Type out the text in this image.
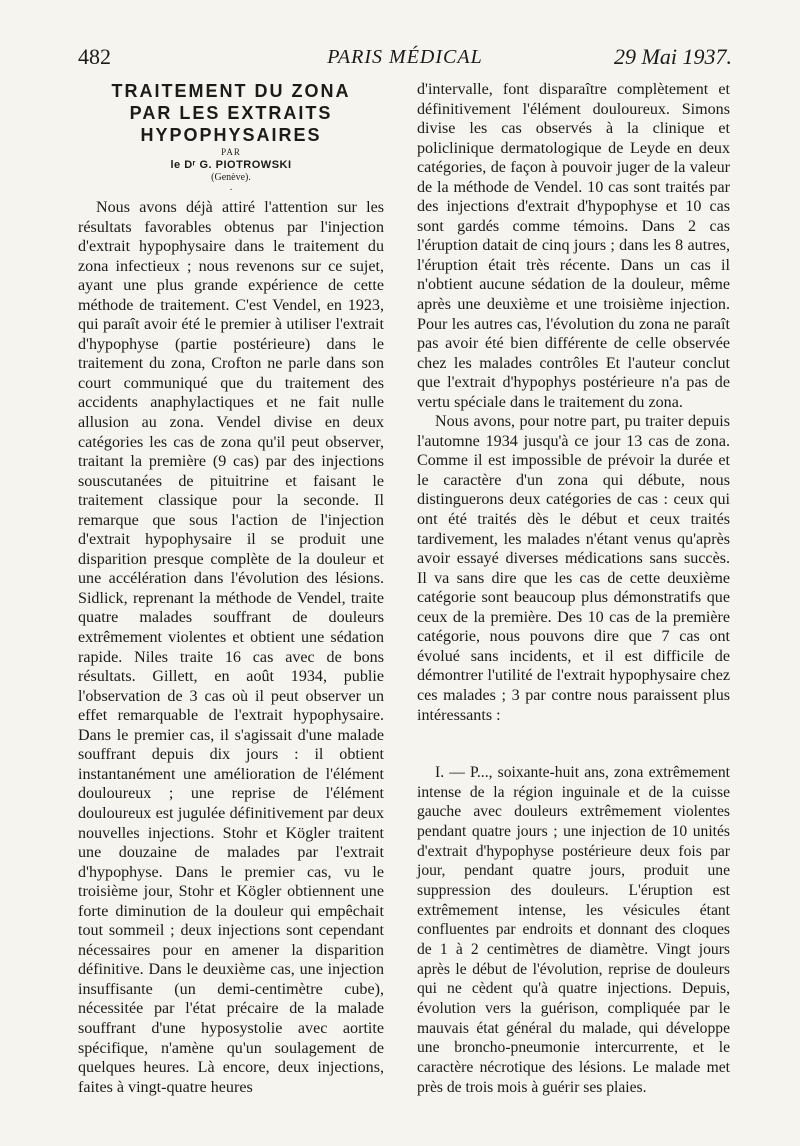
482	PARIS MÉDICAL	29 Mai 1937.

TRAITEMENT DU ZONA

PAR LES EXTRAITS

HYPOPHYSAIRES

PAR

le Dʳ G. PIOTROWSKI

(Genève).

·

Nous avons déjà attiré l'attention sur les résultats favorables obtenus par l'injection d'extrait hypophysaire dans le traitement du zona infectieux ; nous revenons sur ce sujet, ayant une plus grande expérience de cette méthode de traitement. C'est Vendel, en 1923, qui paraît avoir été le premier à utiliser l'extrait d'hypophyse (partie postérieure) dans le traitement du zona, Crofton ne parle dans son court communiqué que du traitement des accidents anaphylactiques et ne fait nulle allusion au zona. Vendel divise en deux catégories les cas de zona qu'il peut observer, traitant la première (9 cas) par des injections souscutanées de pituitrine et faisant le traitement classique pour la seconde. Il remarque que sous l'action de l'injection d'extrait hypophysaire il se produit une disparition presque complète de la douleur et une accélération dans l'évolution des lésions. Sidlick, reprenant la méthode de Vendel, traite quatre malades souffrant de douleurs extrêmement violentes et obtient une sédation rapide. Niles traite 16 cas avec de bons résultats. Gillett, en août 1934, publie l'observation de 3 cas où il peut observer un effet remarquable de l'extrait hypophysaire. Dans le premier cas, il s'agissait d'une malade souffrant depuis dix jours : il obtient instantanément une amélioration de l'élément douloureux ; une reprise de l'élément douloureux est jugulée définitivement par deux nouvelles injections. Stohr et Kögler traitent une douzaine de malades par l'extrait d'hypophyse. Dans le premier cas, vu le troisième jour, Stohr et Kögler obtiennent une forte diminution de la douleur qui empêchait tout sommeil ; deux injections sont cependant nécessaires pour en amener la disparition définitive. Dans le deuxième cas, une injection insuffisante (un demi-centimètre cube), nécessitée par l'état précaire de la malade souffrant d'une hyposystolie avec aortite spécifique, n'amène qu'un soulagement de quelques heures. Là encore, deux injections, faites à vingt-quatre heures

d'intervalle, font disparaître complètement et définitivement l'élément douloureux. Simons divise les cas observés à la clinique et policlinique dermatologique de Leyde en deux catégories, de façon à pouvoir juger de la valeur de la méthode de Vendel. 10 cas sont traités par des injections d'extrait d'hypophyse et 10 cas sont gardés comme témoins. Dans 2 cas l'éruption datait de cinq jours ; dans les 8 autres, l'éruption était très récente. Dans un cas il n'obtient aucune sédation de la douleur, même après une deuxième et une troisième injection. Pour les autres cas, l'évolution du zona ne paraît pas avoir été bien différente de celle observée chez les malades contrôles Et l'auteur conclut que l'extrait d'hypophys postérieure n'a pas de vertu spéciale dans le traitement du zona.

Nous avons, pour notre part, pu traiter depuis l'automne 1934 jusqu'à ce jour 13 cas de zona. Comme il est impossible de prévoir la durée et le caractère d'un zona qui débute, nous distinguerons deux catégories de cas : ceux qui ont été traités dès le début et ceux traités tardivement, les malades n'étant venus qu'après avoir essayé diverses médications sans succès. Il va sans dire que les cas de cette deuxième catégorie sont beaucoup plus démonstratifs que ceux de la première. Des 10 cas de la première catégorie, nous pouvons dire que 7 cas ont évolué sans incidents, et il est difficile de démontrer l'utilité de l'extrait hypophysaire chez ces malades ; 3 par contre nous paraissent plus intéressants :

I. — P..., soixante-huit ans, zona extrêmement intense de la région inguinale et de la cuisse gauche avec douleurs extrêmement violentes pendant quatre jours ; une injection de 10 unités d'extrait d'hypophyse postérieure deux fois par jour, pendant quatre jours, produit une suppression des douleurs. L'éruption est extrêmement intense, les vésicules étant confluentes par endroits et donnant des cloques de 1 à 2 centimètres de diamètre. Vingt jours après le début de l'évolution, reprise de douleurs qui ne cèdent qu'à quatre injections. Depuis, évolution vers la guérison, compliquée par le mauvais état général du malade, qui développe une broncho-pneumonie intercurrente, et le caractère nécrotique des lésions. Le malade met près de trois mois à guérir ses plaies.
